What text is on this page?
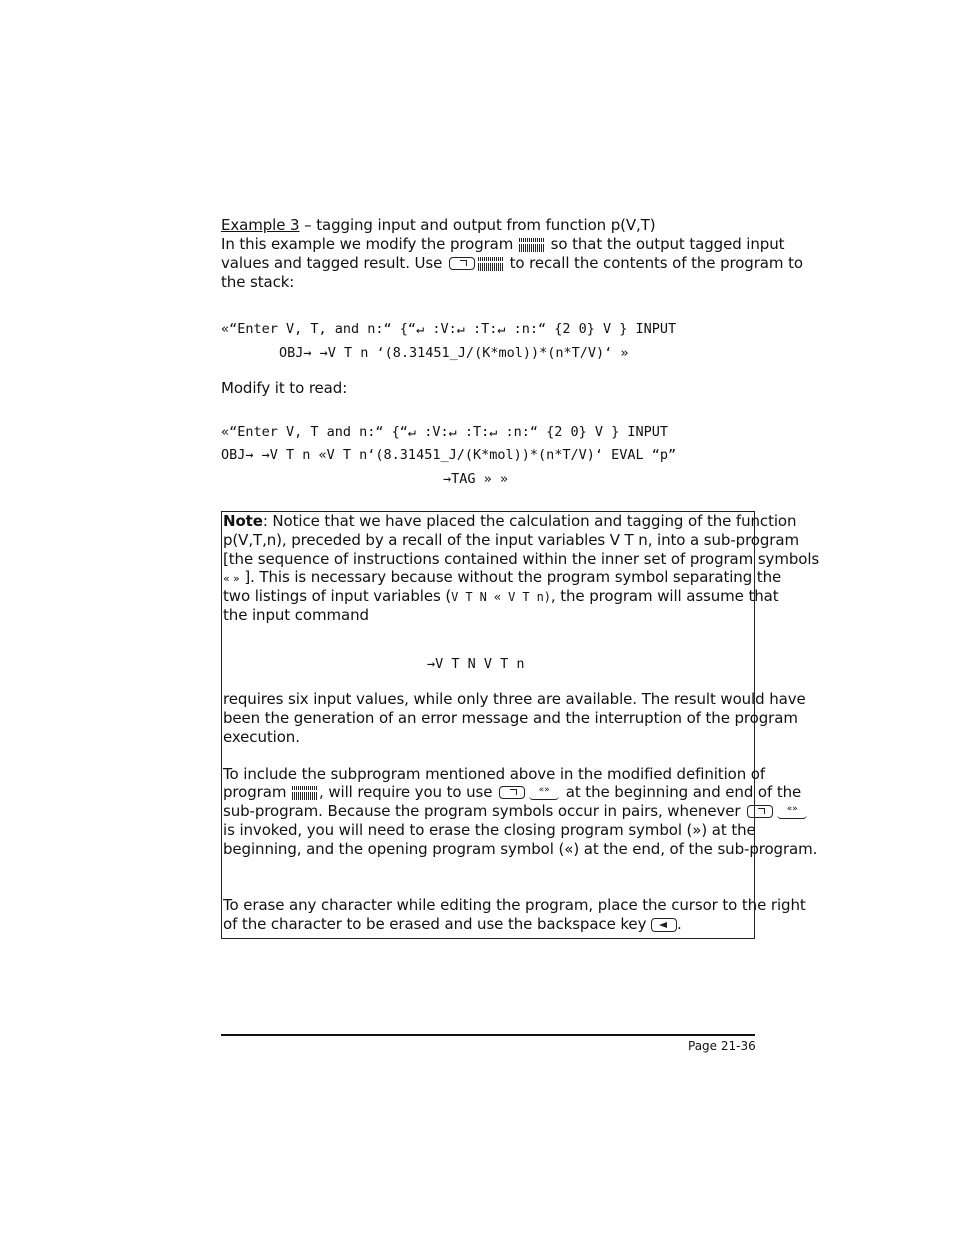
Example 3 – tagging input and output from function p(V,T)
In this example we modify the program so that the output tagged input
values and tagged result. Use	to recall the contents of the program to
the stack:
«“Enter V, T, and n:“ {“↵ :V:↵ :T:↵ :n:“ {2 0} V } INPUT
OBJ→ →V T n ‘(8.31451_J/(K*mol))*(n*T/V)‘ »
Modify it to read:
«“Enter V, T and n:“ {“↵ :V:↵ :T:↵ :n:“ {2 0} V } INPUT
OBJ→ →V T n «V T n‘(8.31451_J/(K*mol))*(n*T/V)‘ EVAL “p”
→TAG » »
Note: Notice that we have placed the calculation and tagging of the function
p(V,T,n), preceded by a recall of the input variables V T n, into a sub-program
[the sequence of instructions contained within the inner set of program symbols
« » ]. This is necessary because without the program symbol separating the
two listings of input variables (V T N « V T n), the program will assume that
the input command
→V T N V T n
requires six input values, while only three are available. The result would have
been the generation of an error message and the interruption of the program
execution.
To include the subprogram mentioned above in the modified definition of
program , will require you to use	«» at the beginning and end of the
sub-program. Because the program symbols occur in pairs, whenever	«»
is invoked, you will need to erase the closing program symbol (») at the
beginning, and the opening program symbol («) at the end, of the sub-program.
To erase any character while editing the program, place the cursor to the right
of the character to be erased and use the backspace key .
Page 21-36
